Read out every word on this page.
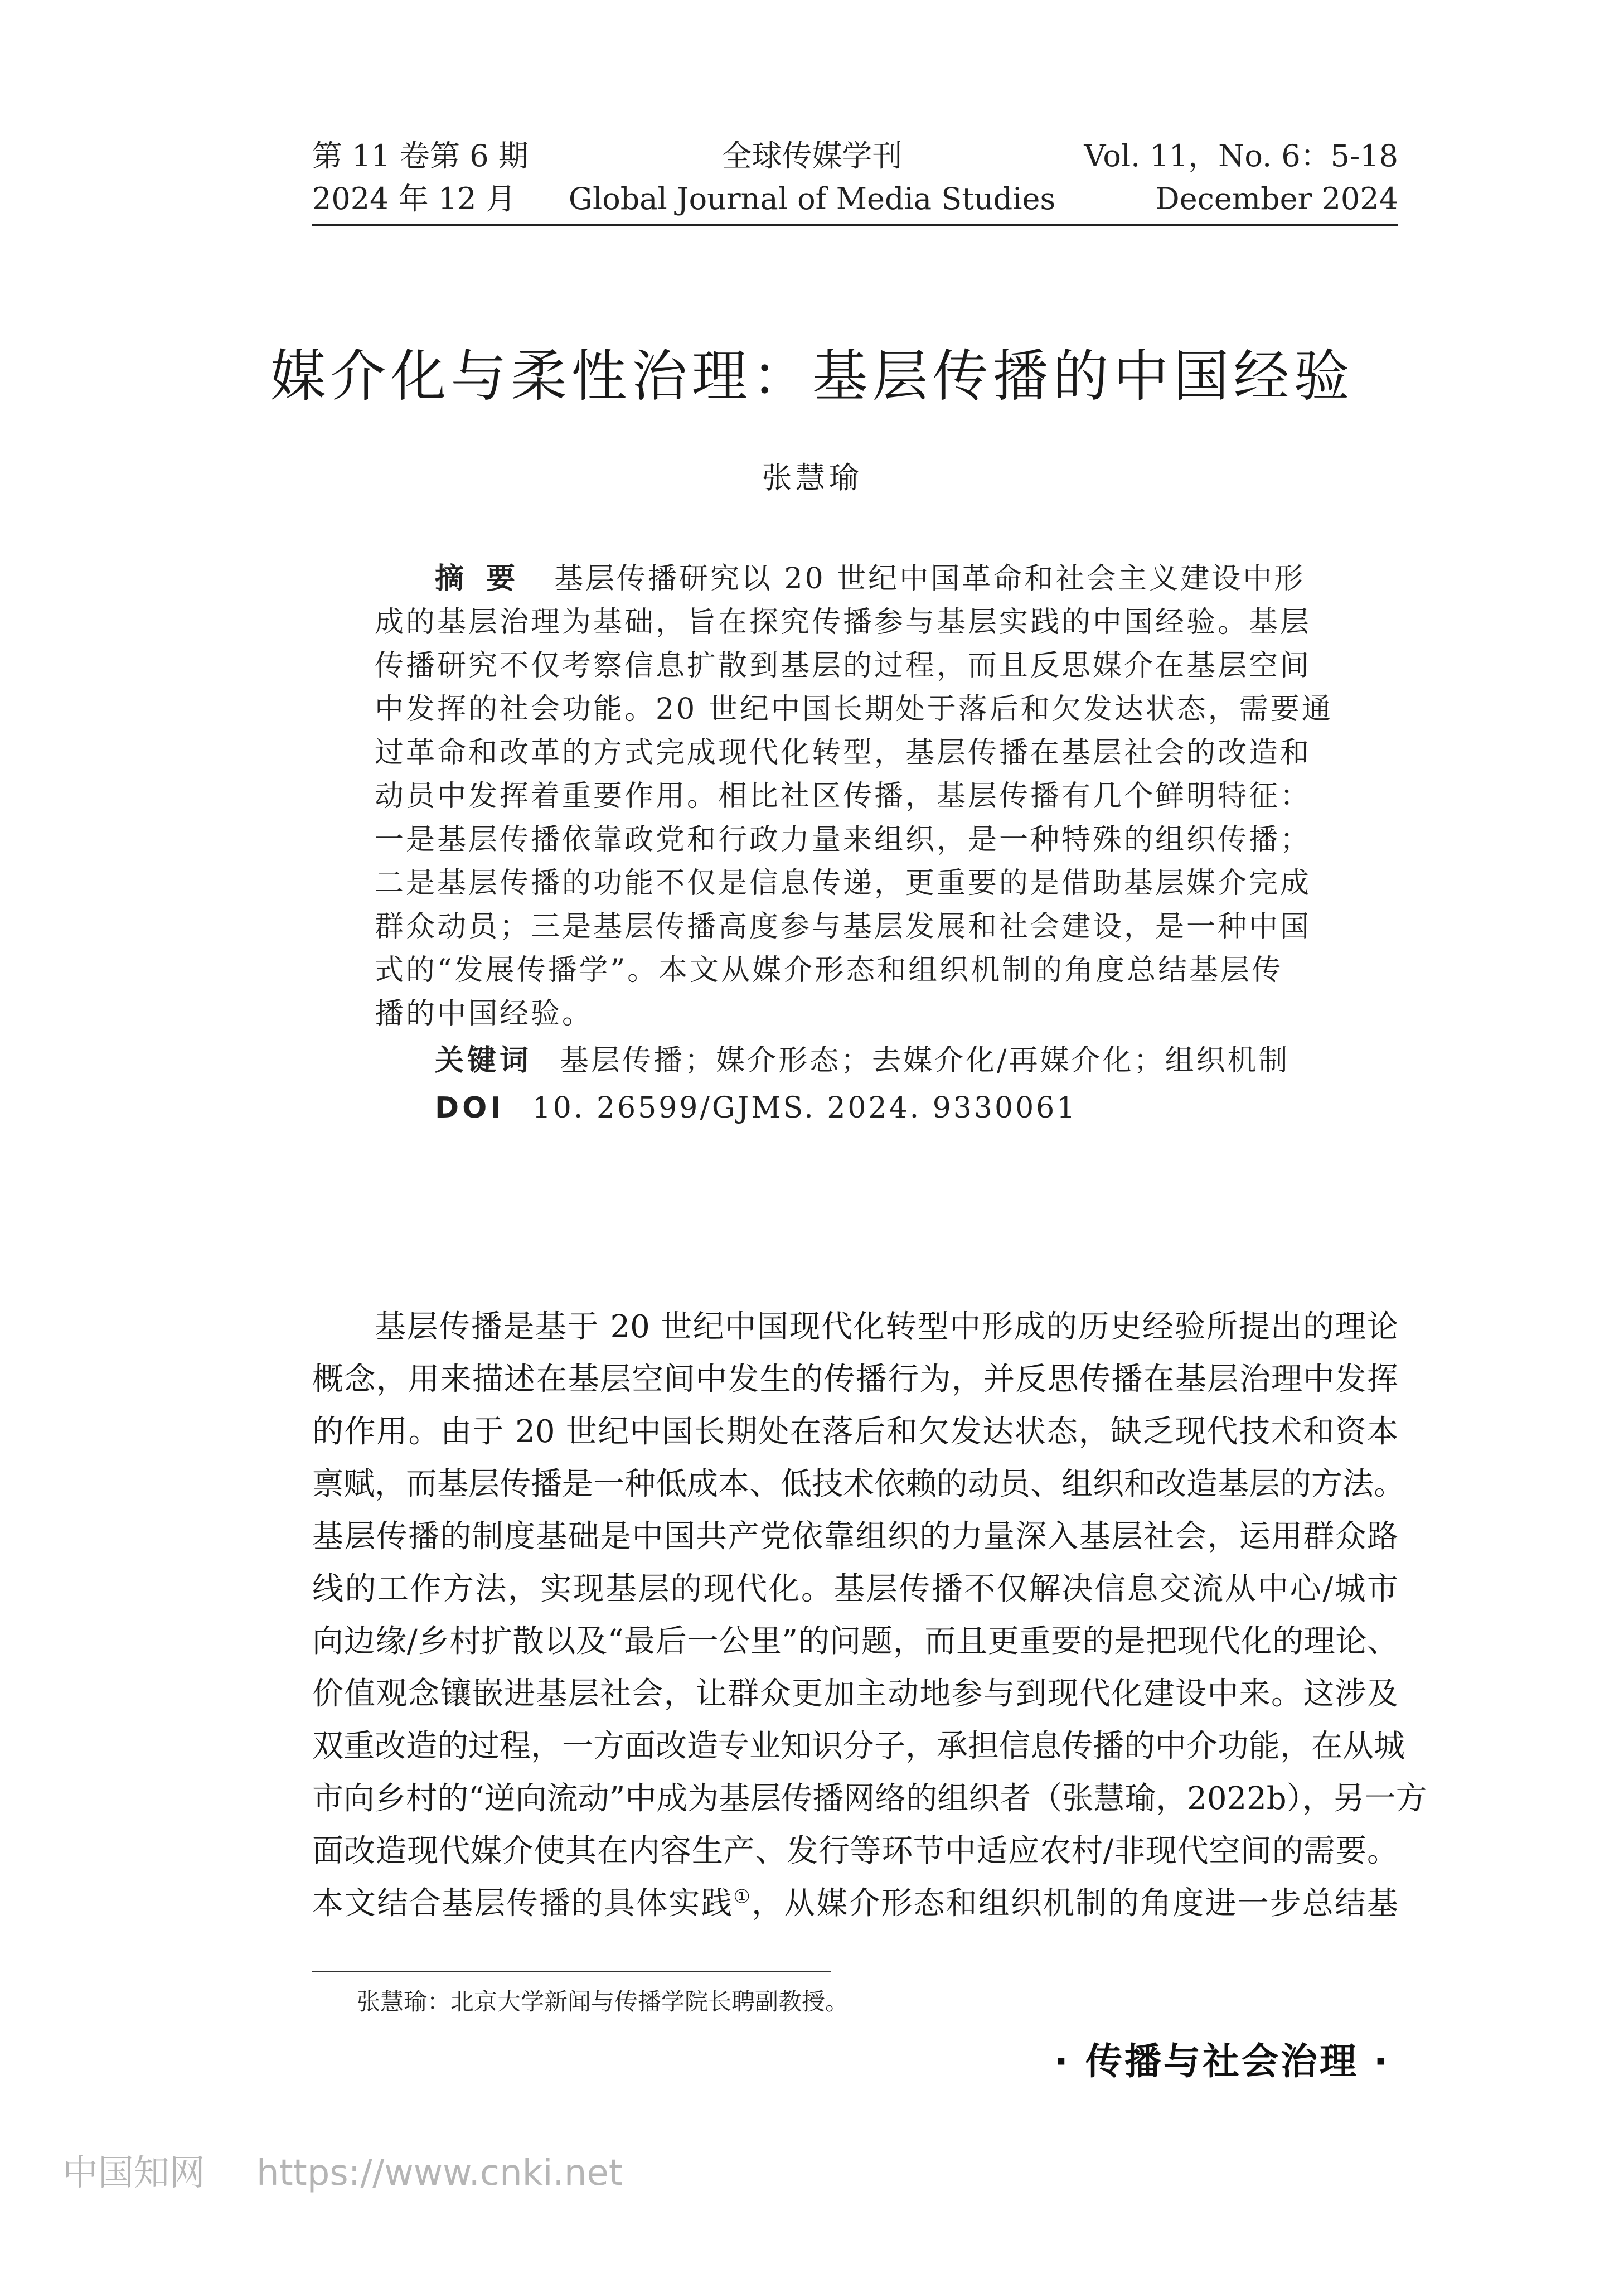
第 11 卷第 6 期
2024 年 12 月
全球传媒学刊
Global Journal of Media Studies
Vol. 11，No. 6：5-18
December 2024
媒介化与柔性治理：基层传播的中国经验
张慧瑜
摘要 基层传播研究以 20 世纪中国革命和社会主义建设中形
成的基层治理为基础，旨在探究传播参与基层实践的中国经验。基层
传播研究不仅考察信息扩散到基层的过程，而且反思媒介在基层空间
中发挥的社会功能。20 世纪中国长期处于落后和欠发达状态，需要通
过革命和改革的方式完成现代化转型，基层传播在基层社会的改造和
动员中发挥着重要作用。相比社区传播，基层传播有几个鲜明特征：
一是基层传播依靠政党和行政力量来组织，是一种特殊的组织传播；
二是基层传播的功能不仅是信息传递，更重要的是借助基层媒介完成
群众动员；三是基层传播高度参与基层发展和社会建设，是一种中国
式的“发展传播学”。本文从媒介形态和组织机制的角度总结基层传
播的中国经验。
关键词 基层传播；媒介形态；去媒介化/再媒介化；组织机制
DOI 10. 26599/GJMS. 2024. 9330061
基层传播是基于 20 世纪中国现代化转型中形成的历史经验所提出的理论
概念，用来描述在基层空间中发生的传播行为，并反思传播在基层治理中发挥
的作用。由于 20 世纪中国长期处在落后和欠发达状态，缺乏现代技术和资本
禀赋，而基层传播是一种低成本、低技术依赖的动员、组织和改造基层的方法。
基层传播的制度基础是中国共产党依靠组织的力量深入基层社会，运用群众路
线的工作方法，实现基层的现代化。基层传播不仅解决信息交流从中心/城市
向边缘/乡村扩散以及“最后一公里”的问题，而且更重要的是把现代化的理论、
价值观念镶嵌进基层社会，让群众更加主动地参与到现代化建设中来。这涉及
双重改造的过程，一方面改造专业知识分子，承担信息传播的中介功能，在从城
市向乡村的“逆向流动”中成为基层传播网络的组织者（张慧瑜，2022b），另一方
面改造现代媒介使其在内容生产、发行等环节中适应农村/非现代空间的需要。
本文结合基层传播的具体实践①，从媒介形态和组织机制的角度进一步总结基
张慧瑜：北京大学新闻与传播学院长聘副教授。
· 传播与社会治理 ·
中国知网 https://www.cnki.net
